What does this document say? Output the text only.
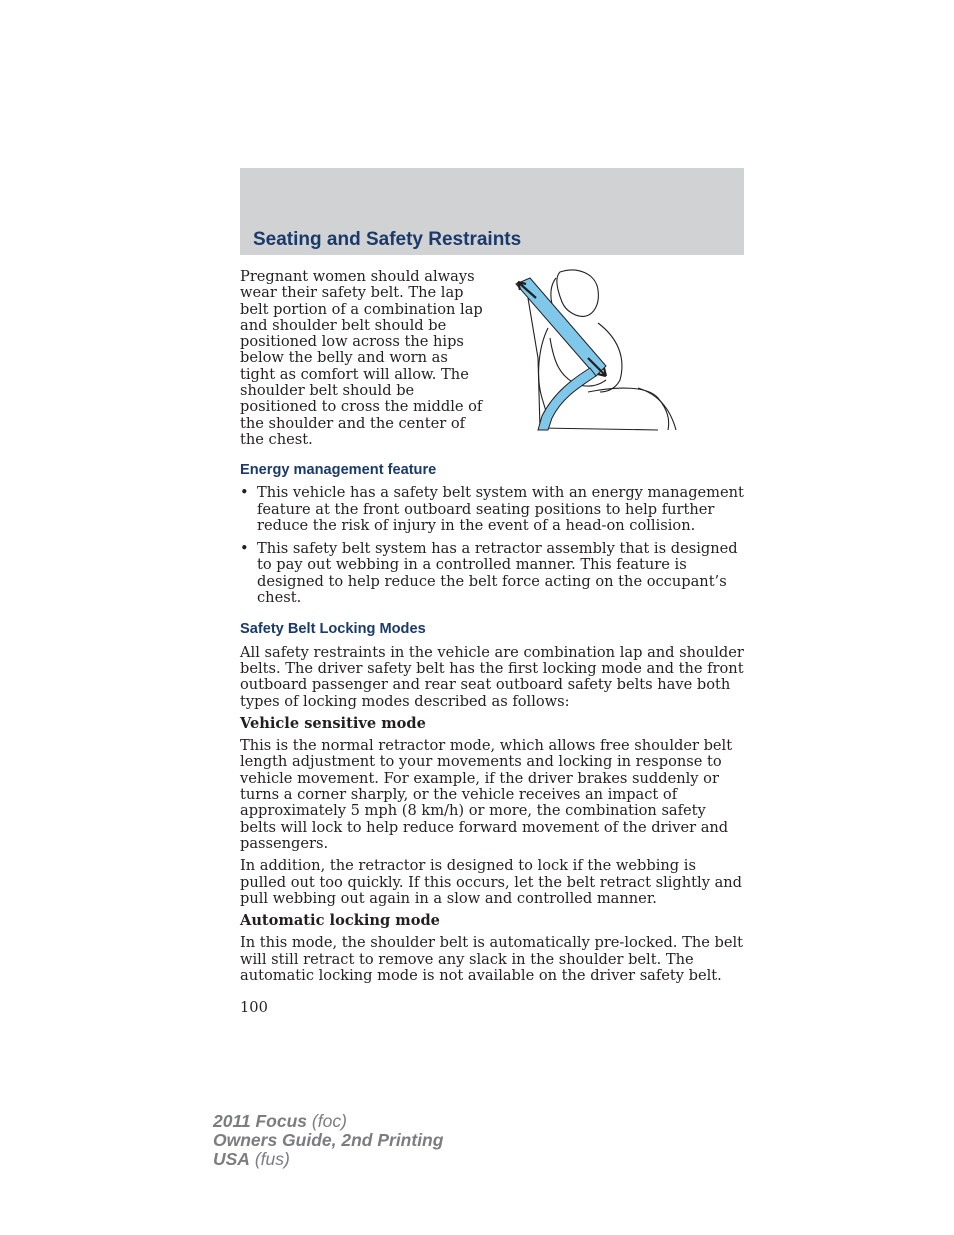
Seating and Safety Restraints

Pregnant women should always wear their safety belt. The lap belt portion of a combination lap and shoulder belt should be positioned low across the hips below the belly and worn as tight as comfort will allow. The shoulder belt should be positioned to cross the middle of the shoulder and the center of the chest.

Energy management feature
• This vehicle has a safety belt system with an energy management feature at the front outboard seating positions to help further reduce the risk of injury in the event of a head-on collision.
• This safety belt system has a retractor assembly that is designed to pay out webbing in a controlled manner. This feature is designed to help reduce the belt force acting on the occupant’s chest.
Safety Belt Locking Modes

All safety restraints in the vehicle are combination lap and shoulder belts. The driver safety belt has the first locking mode and the front outboard passenger and rear seat outboard safety belts have both types of locking modes described as follows:

Vehicle sensitive mode

This is the normal retractor mode, which allows free shoulder belt length adjustment to your movements and locking in response to vehicle movement. For example, if the driver brakes suddenly or turns a corner sharply, or the vehicle receives an impact of approximately 5 mph (8 km/h) or more, the combination safety belts will lock to help reduce forward movement of the driver and passengers.

In addition, the retractor is designed to lock if the webbing is pulled out too quickly. If this occurs, let the belt retract slightly and pull webbing out again in a slow and controlled manner.

Automatic locking mode

In this mode, the shoulder belt is automatically pre-locked. The belt will still retract to remove any slack in the shoulder belt. The automatic locking mode is not available on the driver safety belt.

100
2011 Focus (foc)
Owners Guide, 2nd Printing
USA (fus)
